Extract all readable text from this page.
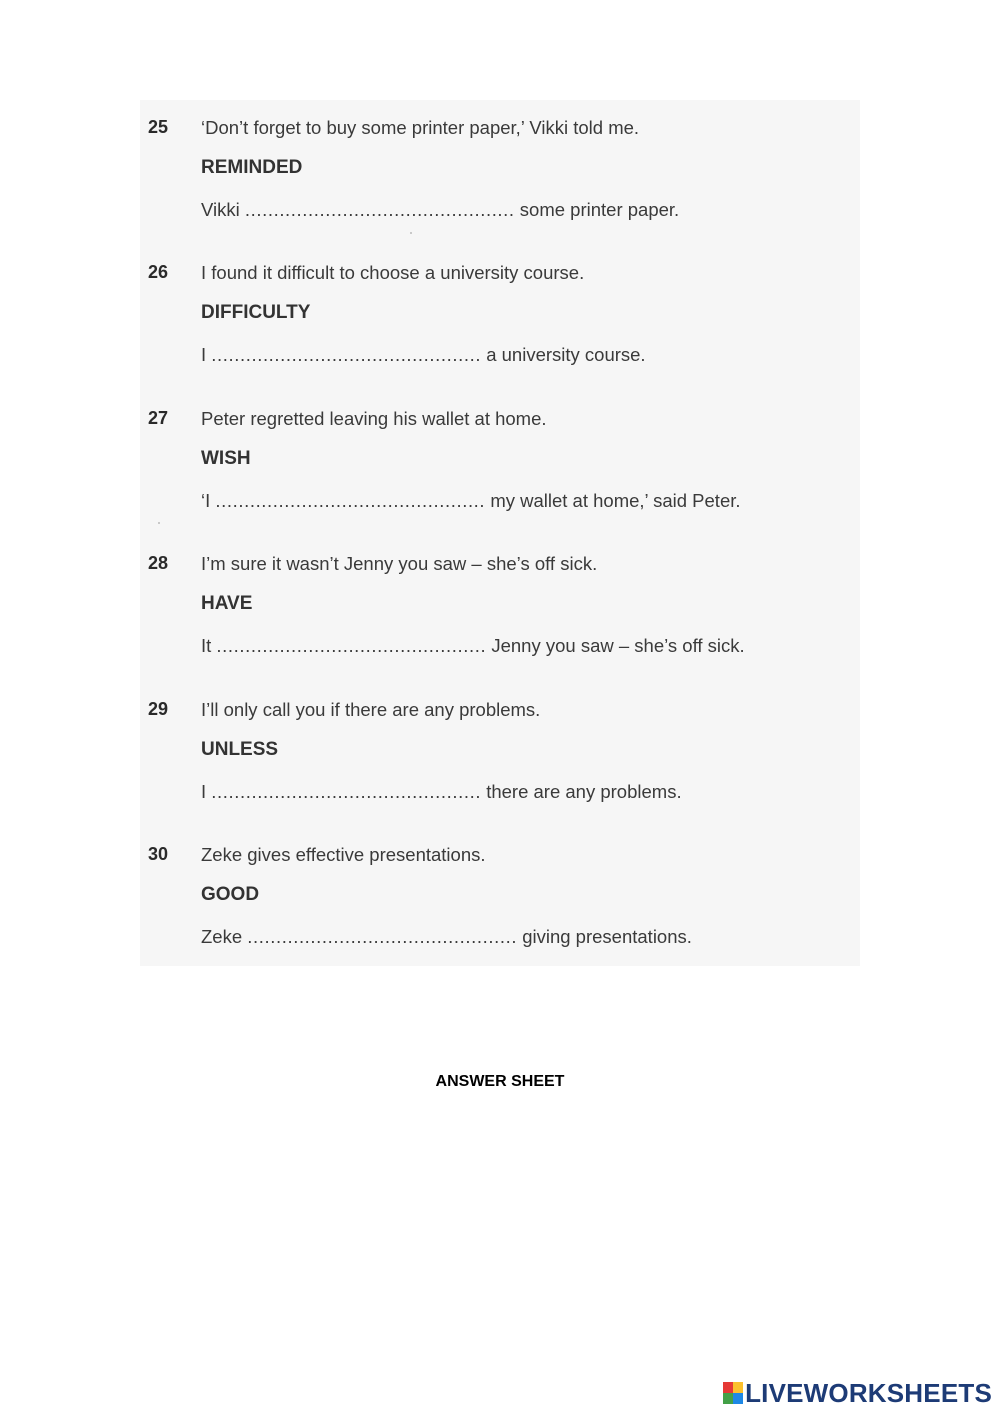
25 ‘Don’t forget to buy some printer paper,’ Vikki told me.
REMINDED
Vikki ............................................... some printer paper.
26 I found it difficult to choose a university course.
DIFFICULTY
I ............................................... a university course.
27 Peter regretted leaving his wallet at home.
WISH
‘I ............................................... my wallet at home,’ said Peter.
28 I’m sure it wasn’t Jenny you saw – she’s off sick.
HAVE
It ............................................... Jenny you saw – she’s off sick.
29 I’ll only call you if there are any problems.
UNLESS
I ............................................... there are any problems.
30 Zeke gives effective presentations.
GOOD
Zeke ............................................... giving presentations.
ANSWER SHEET
LIVEWORKSHEETS
